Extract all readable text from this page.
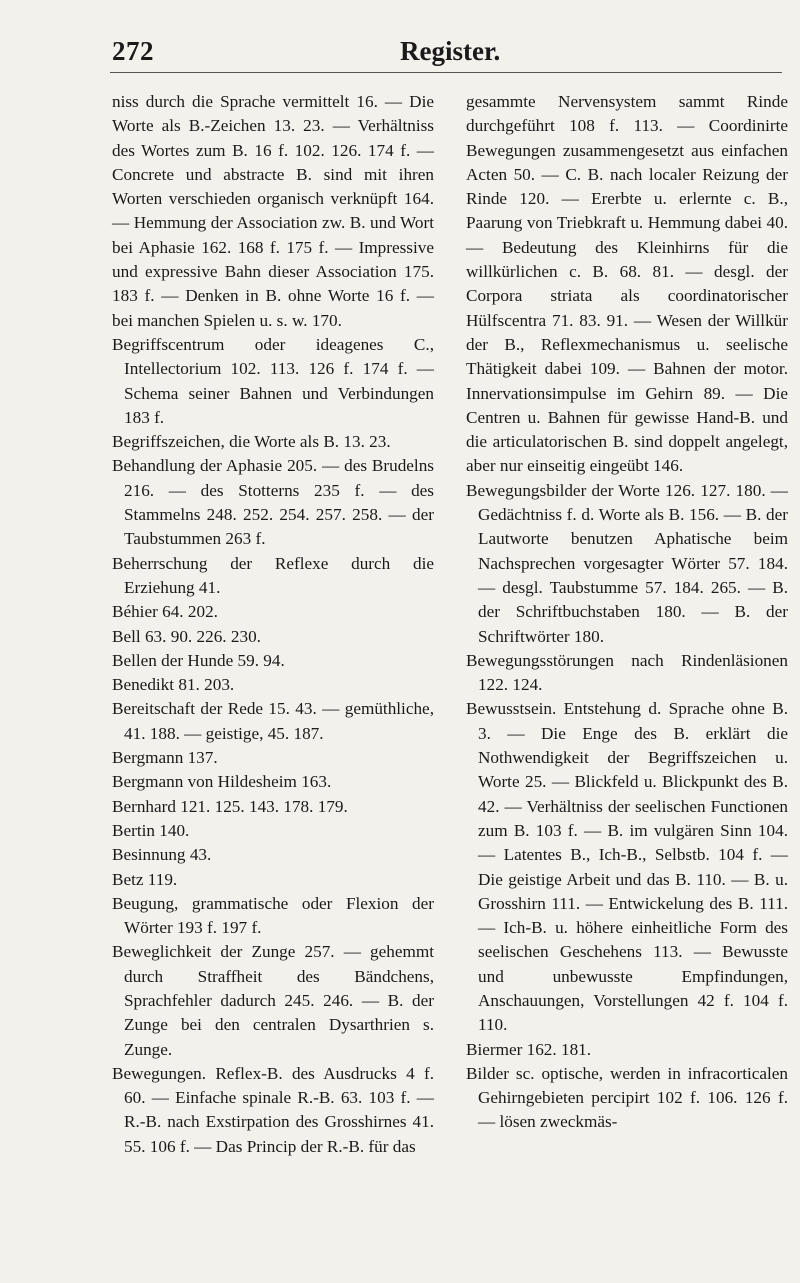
272	Register.

niss durch die Sprache vermittelt 16. — Die Worte als B.-Zeichen 13. 23. — Verhältniss des Wortes zum B. 16 f. 102. 126. 174 f. — Concrete und abstracte B. sind mit ihren Worten verschieden organisch verknüpft 164. — Hemmung der Association zw. B. und Wort bei Aphasie 162. 168 f. 175 f. — Impressive und expressive Bahn dieser Association 175. 183 f. — Denken in B. ohne Worte 16 f. — bei manchen Spielen u. s. w. 170.

Begriffscentrum oder ideagenes C., Intellectorium 102. 113. 126 f. 174 f. — Schema seiner Bahnen und Verbindungen 183 f.

Begriffszeichen, die Worte als B. 13. 23.

Behandlung der Aphasie 205. — des Brudelns 216. — des Stotterns 235 f. — des Stammelns 248. 252. 254. 257. 258. — der Taubstummen 263 f.

Beherrschung der Reflexe durch die Erziehung 41.

Béhier 64. 202.

Bell 63. 90. 226. 230.

Bellen der Hunde 59. 94.

Benedikt 81. 203.

Bereitschaft der Rede 15. 43. — gemüthliche, 41. 188. — geistige, 45. 187.

Bergmann 137.

Bergmann von Hildesheim 163.

Bernhard 121. 125. 143. 178. 179.

Bertin 140.

Besinnung 43.

Betz 119.

Beugung, grammatische oder Flexion der Wörter 193 f. 197 f.

Beweglichkeit der Zunge 257. — gehemmt durch Straffheit des Bändchens, Sprachfehler dadurch 245. 246. — B. der Zunge bei den centralen Dysarthrien s. Zunge.

Bewegungen. Reflex-B. des Ausdrucks 4 f. 60. — Einfache spinale R.-B. 63. 103 f. — R.-B. nach Exstirpation des Grosshirnes 41. 55. 106 f. — Das Princip der R.-B. für das

gesammte Nervensystem sammt Rinde durchgeführt 108 f. 113. — Coordinirte Bewegungen zusammengesetzt aus einfachen Acten 50. — C. B. nach localer Reizung der Rinde 120. — Ererbte u. erlernte c. B., Paarung von Triebkraft u. Hemmung dabei 40. — Bedeutung des Kleinhirns für die willkürlichen c. B. 68. 81. — desgl. der Corpora striata als coordinatorischer Hülfscentra 71. 83. 91. — Wesen der Willkür der B., Reflexmechanismus u. seelische Thätigkeit dabei 109. — Bahnen der motor. Innervationsimpulse im Gehirn 89. — Die Centren u. Bahnen für gewisse Hand-B. und die articulatorischen B. sind doppelt angelegt, aber nur einseitig eingeübt 146.

Bewegungsbilder der Worte 126. 127. 180. — Gedächtniss f. d. Worte als B. 156. — B. der Lautworte benutzen Aphatische beim Nachsprechen vorgesagter Wörter 57. 184. — desgl. Taubstumme 57. 184. 265. — B. der Schriftbuchstaben 180. — B. der Schriftwörter 180.

Bewegungsstörungen nach Rindenläsionen 122. 124.

Bewusstsein. Entstehung d. Sprache ohne B. 3. — Die Enge des B. erklärt die Nothwendigkeit der Begriffszeichen u. Worte 25. — Blickfeld u. Blickpunkt des B. 42. — Verhältniss der seelischen Functionen zum B. 103 f. — B. im vulgären Sinn 104. — Latentes B., Ich-B., Selbstb. 104 f. — Die geistige Arbeit und das B. 110. — B. u. Grosshirn 111. — Entwickelung des B. 111. — Ich-B. u. höhere einheitliche Form des seelischen Geschehens 113. — Bewusste und unbewusste Empfindungen, Anschauungen, Vorstellungen 42 f. 104 f. 110.

Biermer 162. 181.

Bilder sc. optische, werden in infracorticalen Gehirngebieten percipirt 102 f. 106. 126 f. — lösen zweckmäs-
